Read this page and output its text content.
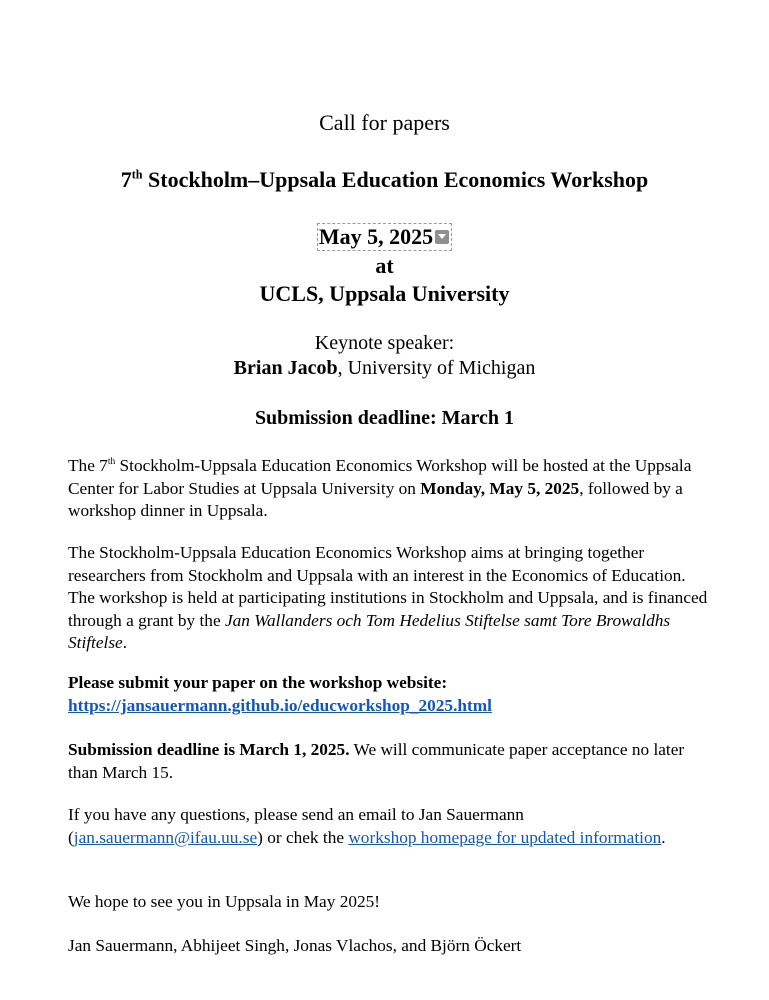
Call for papers
7th Stockholm–Uppsala Education Economics Workshop
May 5, 2025
at
UCLS, Uppsala University
Keynote speaker:
Brian Jacob, University of Michigan
Submission deadline: March 1
The 7th Stockholm-Uppsala Education Economics Workshop will be hosted at the Uppsala Center for Labor Studies at Uppsala University on Monday, May 5, 2025, followed by a workshop dinner in Uppsala.
The Stockholm-Uppsala Education Economics Workshop aims at bringing together researchers from Stockholm and Uppsala with an interest in the Economics of Education. The workshop is held at participating institutions in Stockholm and Uppsala, and is financed through a grant by the Jan Wallanders och Tom Hedelius Stiftelse samt Tore Browaldhs Stiftelse.
Please submit your paper on the workshop website:
https://jansauermann.github.io/educworkshop_2025.html
Submission deadline is March 1, 2025. We will communicate paper acceptance no later than March 15.
If you have any questions, please send an email to Jan Sauermann (jan.sauermann@ifau.uu.se) or chek the workshop homepage for updated information.
We hope to see you in Uppsala in May 2025!
Jan Sauermann, Abhijeet Singh, Jonas Vlachos, and Björn Öckert
